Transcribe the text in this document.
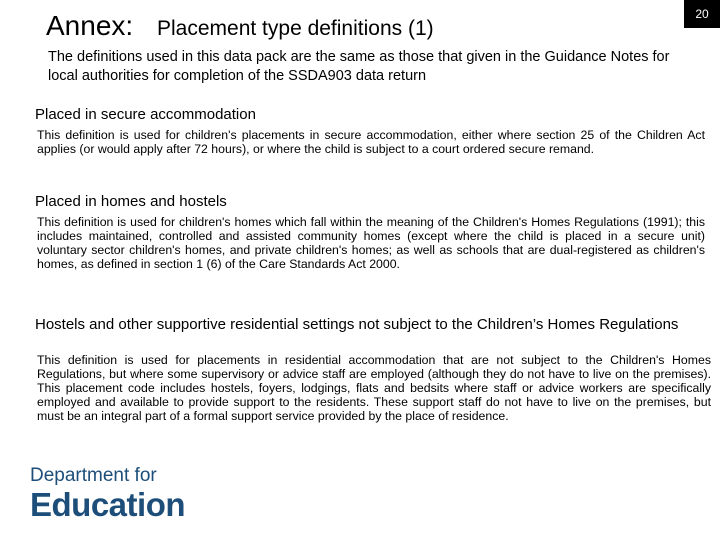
Annex: Placement type definitions (1)
20
The definitions used in this data pack are the same as those that given in the Guidance Notes for local authorities for completion of the SSDA903 data return
Placed in secure accommodation
This definition is used for children's placements in secure accommodation, either where section 25 of the Children Act applies (or would apply after 72 hours), or where the child is subject to a court ordered secure remand.
Placed in homes and hostels
This definition is used for children's homes which fall within the meaning of the Children's Homes Regulations (1991); this includes maintained, controlled and assisted community homes (except where the child is placed in a secure unit) voluntary sector children's homes, and private children's homes; as well as schools that are dual-registered as children's homes, as defined in section 1 (6) of the Care Standards Act 2000.
Hostels and other supportive residential settings not subject to the Children’s Homes Regulations
This definition is used for placements in residential accommodation that are not subject to the Children's Homes Regulations, but where some supervisory or advice staff are employed (although they do not have to live on the premises). This placement code includes hostels, foyers, lodgings, flats and bedsits where staff or advice workers are specifically employed and available to provide support to the residents. These support staff do not have to live on the premises, but must be an integral part of a formal support service provided by the place of residence.
Department for
Education
